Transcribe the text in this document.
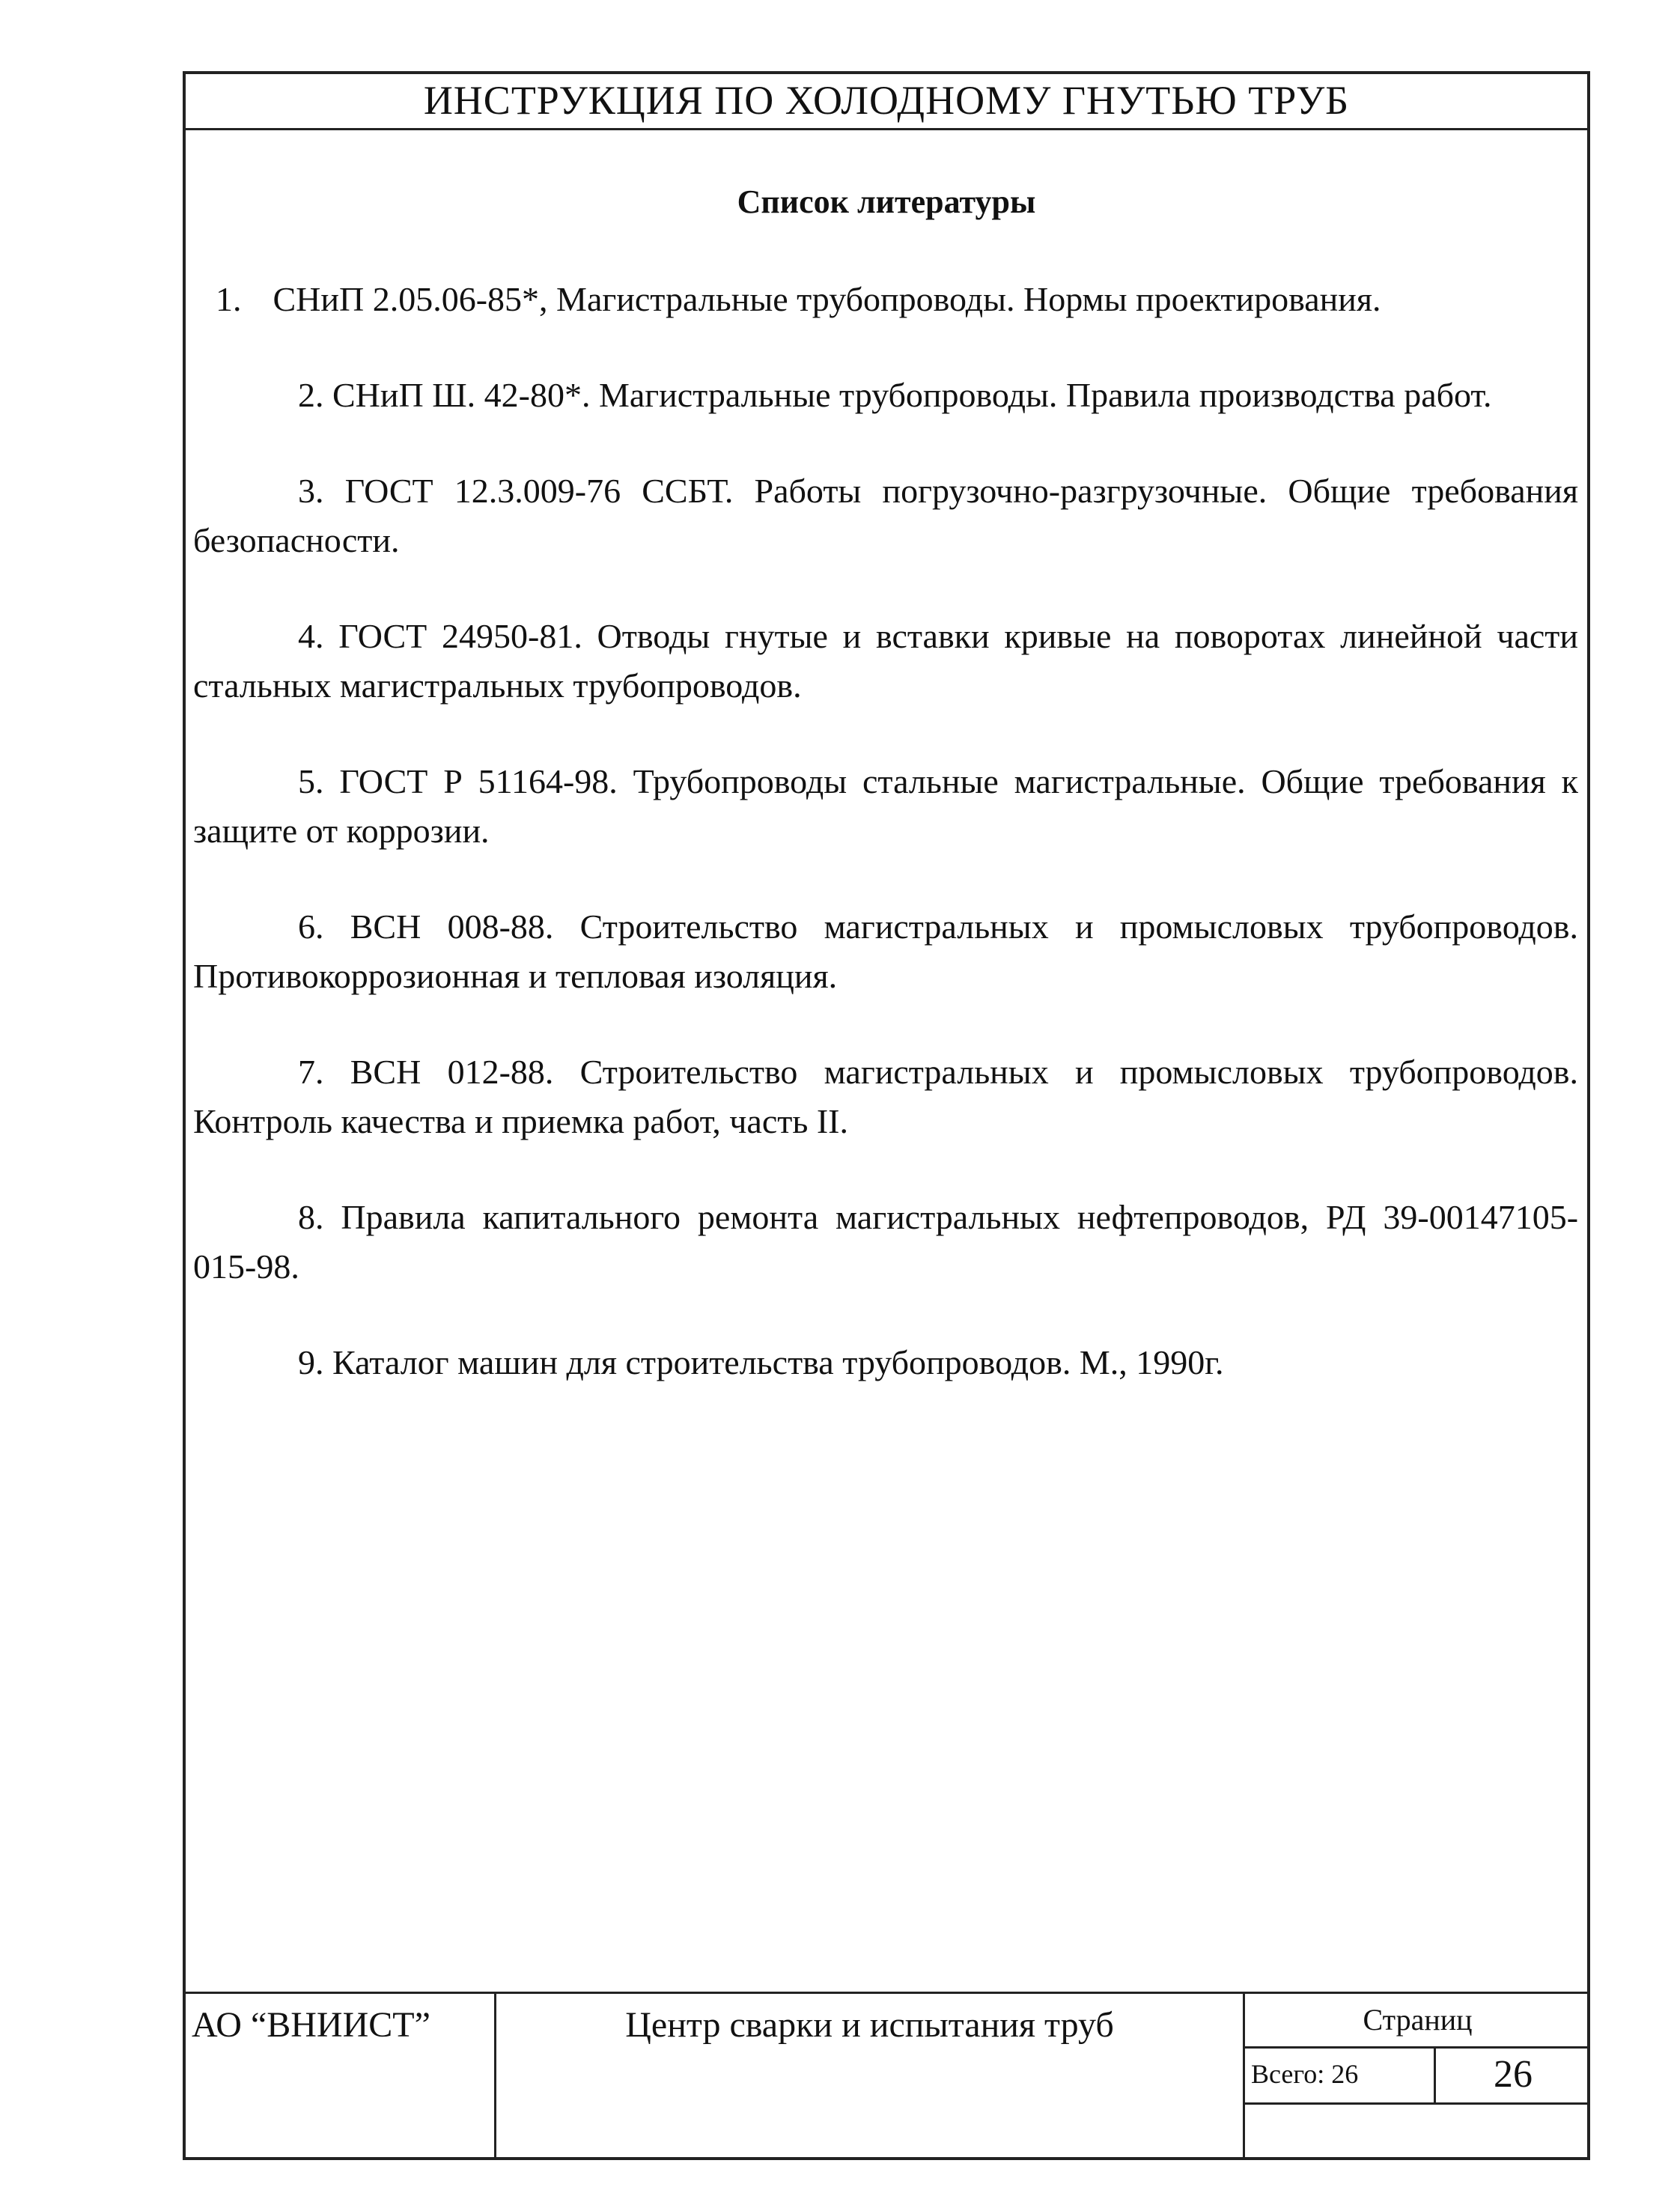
ИНСТРУКЦИЯ ПО ХОЛОДНОМУ ГНУТЬЮ ТРУБ
Список литературы
1. СНиП 2.05.06-85*, Магистральные трубопроводы. Нормы проектирования.
2. СНиП Ш. 42-80*. Магистральные трубопроводы. Правила производства работ.
3. ГОСТ 12.3.009-76 ССБТ. Работы погрузочно-разгрузочные. Общие требования безопасности.
4. ГОСТ 24950-81. Отводы гнутые и вставки кривые на поворотах линейной части стальных магистральных трубопроводов.
5. ГОСТ Р 51164-98. Трубопроводы стальные магистральные. Общие требования к защите от коррозии.
6. ВСН 008-88. Строительство магистральных и промысловых трубопроводов. Противокоррозионная и тепловая изоляция.
7. ВСН 012-88. Строительство магистральных и промысловых трубопроводов. Контроль качества и приемка работ, часть II.
8. Правила капитального ремонта магистральных нефтепроводов, РД 39-00147105-015-98.
9. Каталог машин для строительства трубопроводов. М., 1990г.
АО “ВНИИСТ”	Центр сварки и испытания труб	Страниц
Всего: 26	26
